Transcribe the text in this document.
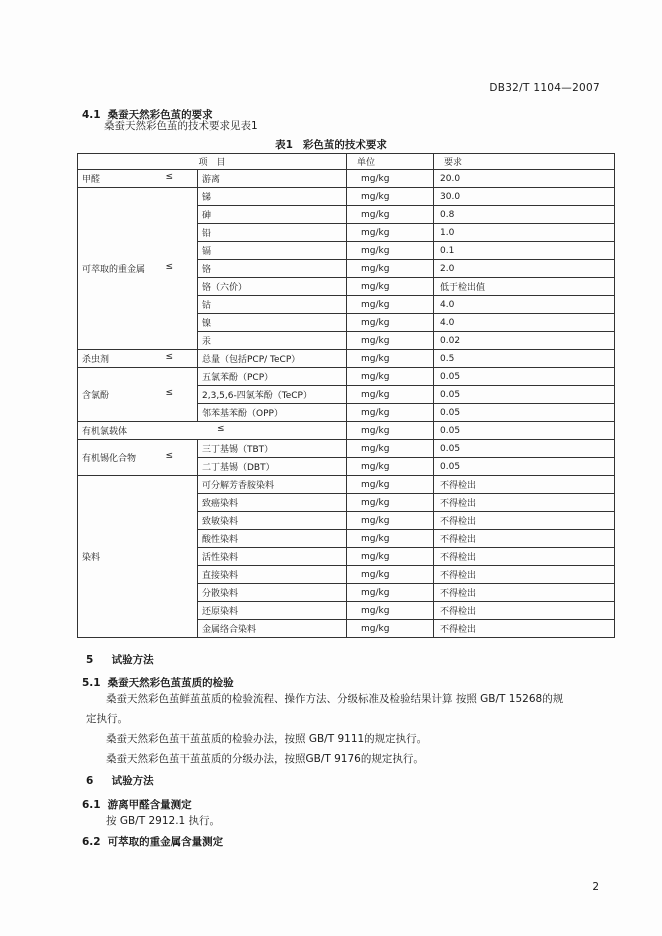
DB32/T 1104—2007
4.1 桑蚕天然彩色茧的要求
桑蚕天然彩色茧的技术要求见表1
表1 彩色茧的技术要求
项　目		单位	要求

甲醛 ≤	游离	mg/kg	20.0

可萃取的重金属 ≤	锑	mg/kg	30.0
	砷	mg/kg	0.8
	铅	mg/kg	1.0
	镉	mg/kg	0.1
	铬	mg/kg	2.0
	铬（六价）	mg/kg	低于检出值
	钴	mg/kg	4.0
	镍	mg/kg	4.0
	汞	mg/kg	0.02

杀虫剂 ≤	总量（包括PCP/ TeCP）	mg/kg	0.5

含氯酚 ≤	五氯苯酚（PCP）	mg/kg	0.05
	2,3,5,6-四氯苯酚（TeCP）	mg/kg	0.05
	邻苯基苯酚（OPP）	mg/kg	0.05

有机氯载体 ≤		mg/kg	0.05

有机锡化合物 ≤	三丁基锡（TBT）	mg/kg	0.05
	二丁基锡（DBT）	mg/kg	0.05

染料	可分解芳香胺染料	mg/kg	不得检出
	致癌染料	mg/kg	不得检出
	致敏染料	mg/kg	不得检出
	酸性染料	mg/kg	不得检出
	活性染料	mg/kg	不得检出
	直接染料	mg/kg	不得检出
	分散染料	mg/kg	不得检出
	还原染料	mg/kg	不得检出
	金属络合染料	mg/kg	不得检出
5 试验方法
5.1 桑蚕天然彩色茧茧质的检验
桑蚕天然彩色茧鲜茧茧质的检验流程、操作方法、分级标准及检验结果计算 按照 GB/T 15268的规
定执行。
桑蚕天然彩色茧干茧茧质的检验办法，按照 GB/T 9111的规定执行。
桑蚕天然彩色茧干茧茧质的分级办法，按照GB/T 9176的规定执行。
6 试验方法
6.1 游离甲醛含量测定
按 GB/T 2912.1 执行。
6.2 可萃取的重金属含量测定
2
